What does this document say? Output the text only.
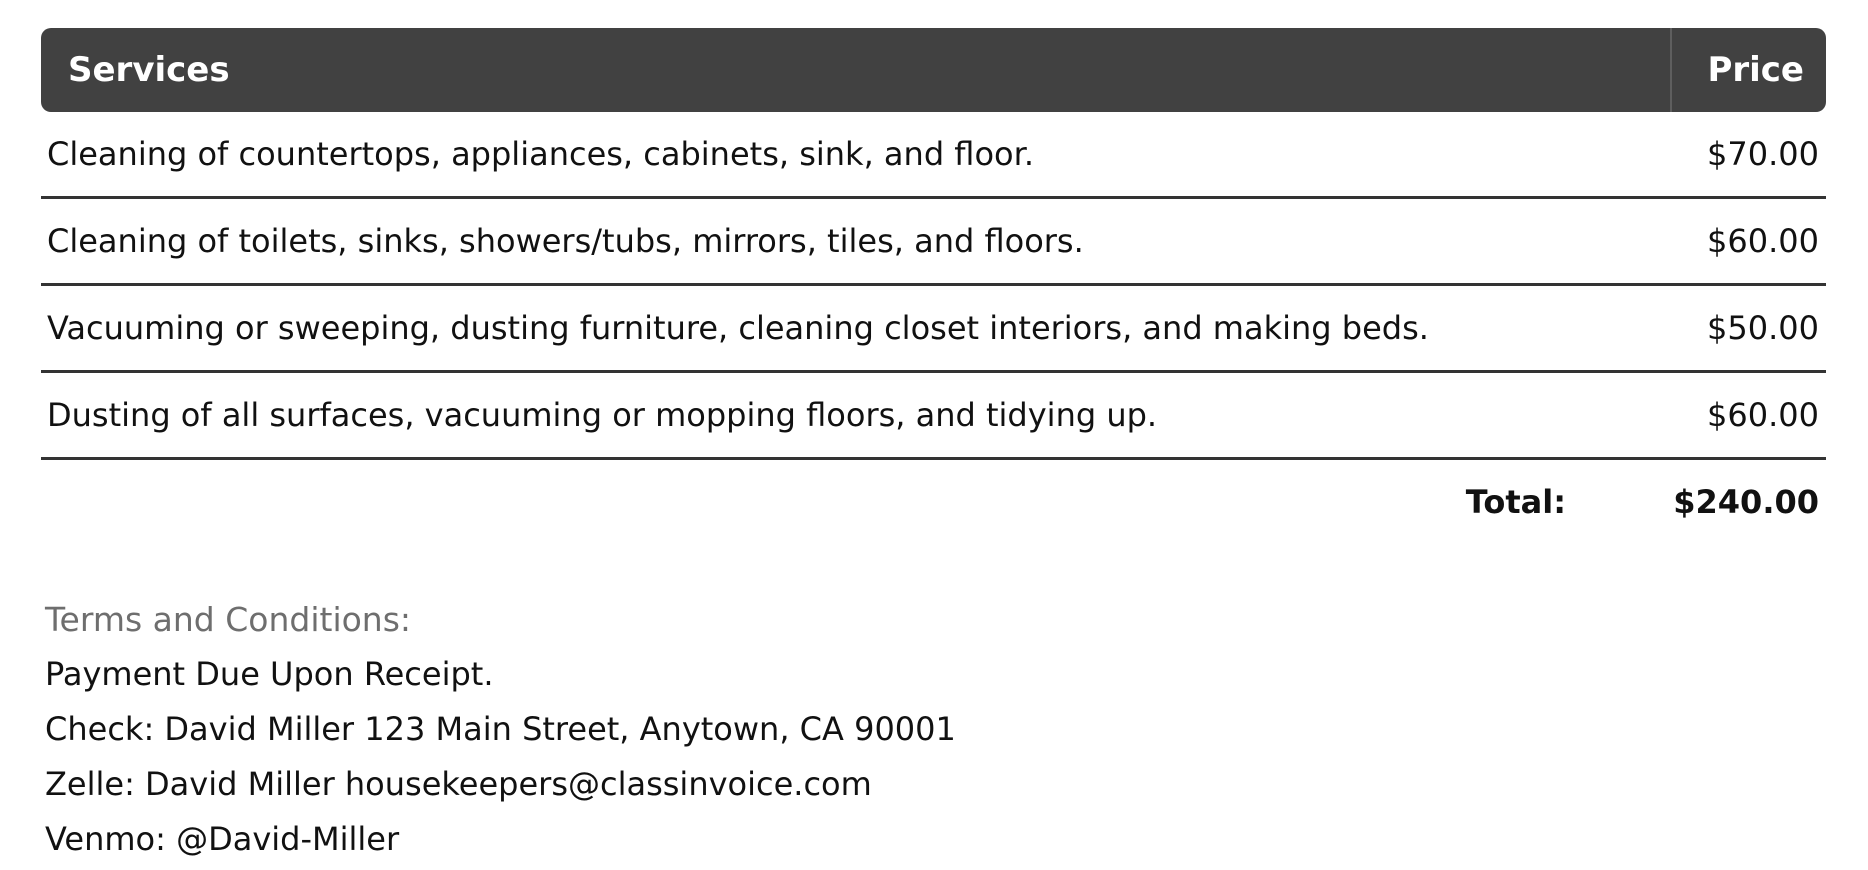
Services	Price
Cleaning of countertops, appliances, cabinets, sink, and floor.	$70.00
Cleaning of toilets, sinks, showers/tubs, mirrors, tiles, and floors.	$60.00
Vacuuming or sweeping, dusting furniture, cleaning closet interiors, and making beds.	$50.00
Dusting of all surfaces, vacuuming or mopping floors, and tidying up.	$60.00
Total:	$240.00
Terms and Conditions:
Payment Due Upon Receipt.
Check: David Miller 123 Main Street, Anytown, CA 90001
Zelle: David Miller housekeepers@classinvoice.com
Venmo: @David-Miller
